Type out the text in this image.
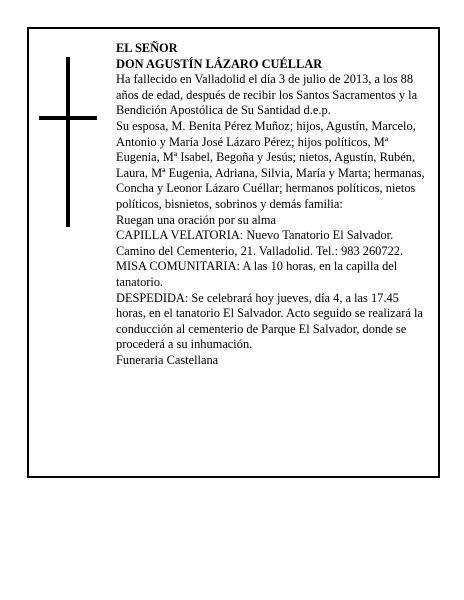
EL SEÑOR

DON AGUSTÍN LÁZARO CUÉLLAR

Ha fallecido en Valladolid el día 3 de julio de 2013, a los 88 años de edad, después de recibir los Santos Sacramentos y la Bendición Apostólica de Su Santidad d.e.p.

Su esposa, M. Benita Pérez Muñoz; hijos, Agustín, Marcelo, Antonio y María José Lázaro Pérez; hijos políticos, Mª Eugenia, Mª Isabel, Begoña y Jesús; nietos, Agustín, Rubén, Laura, Mª Eugenia, Adriana, Silvia, María y Marta; hermanas, Concha y Leonor Lázaro Cuéllar; hermanos políticos, nietos políticos, bisnietos, sobrinos y demás familia:

Ruegan una oración por su alma

CAPILLA VELATORIA: Nuevo Tanatorio El Salvador. Camino del Cementerio, 21. Valladolid. Tel.: 983 260722. MISA COMUNITARIA: A las 10 horas, en la capilla del tanatorio.

DESPEDIDA: Se celebrará hoy jueves, día 4, a las 17.45 horas, en el tanatorio El Salvador. Acto seguido se realizará la conducción al cementerio de Parque El Salvador, donde se procederá a su inhumación.

Funeraria Castellana
